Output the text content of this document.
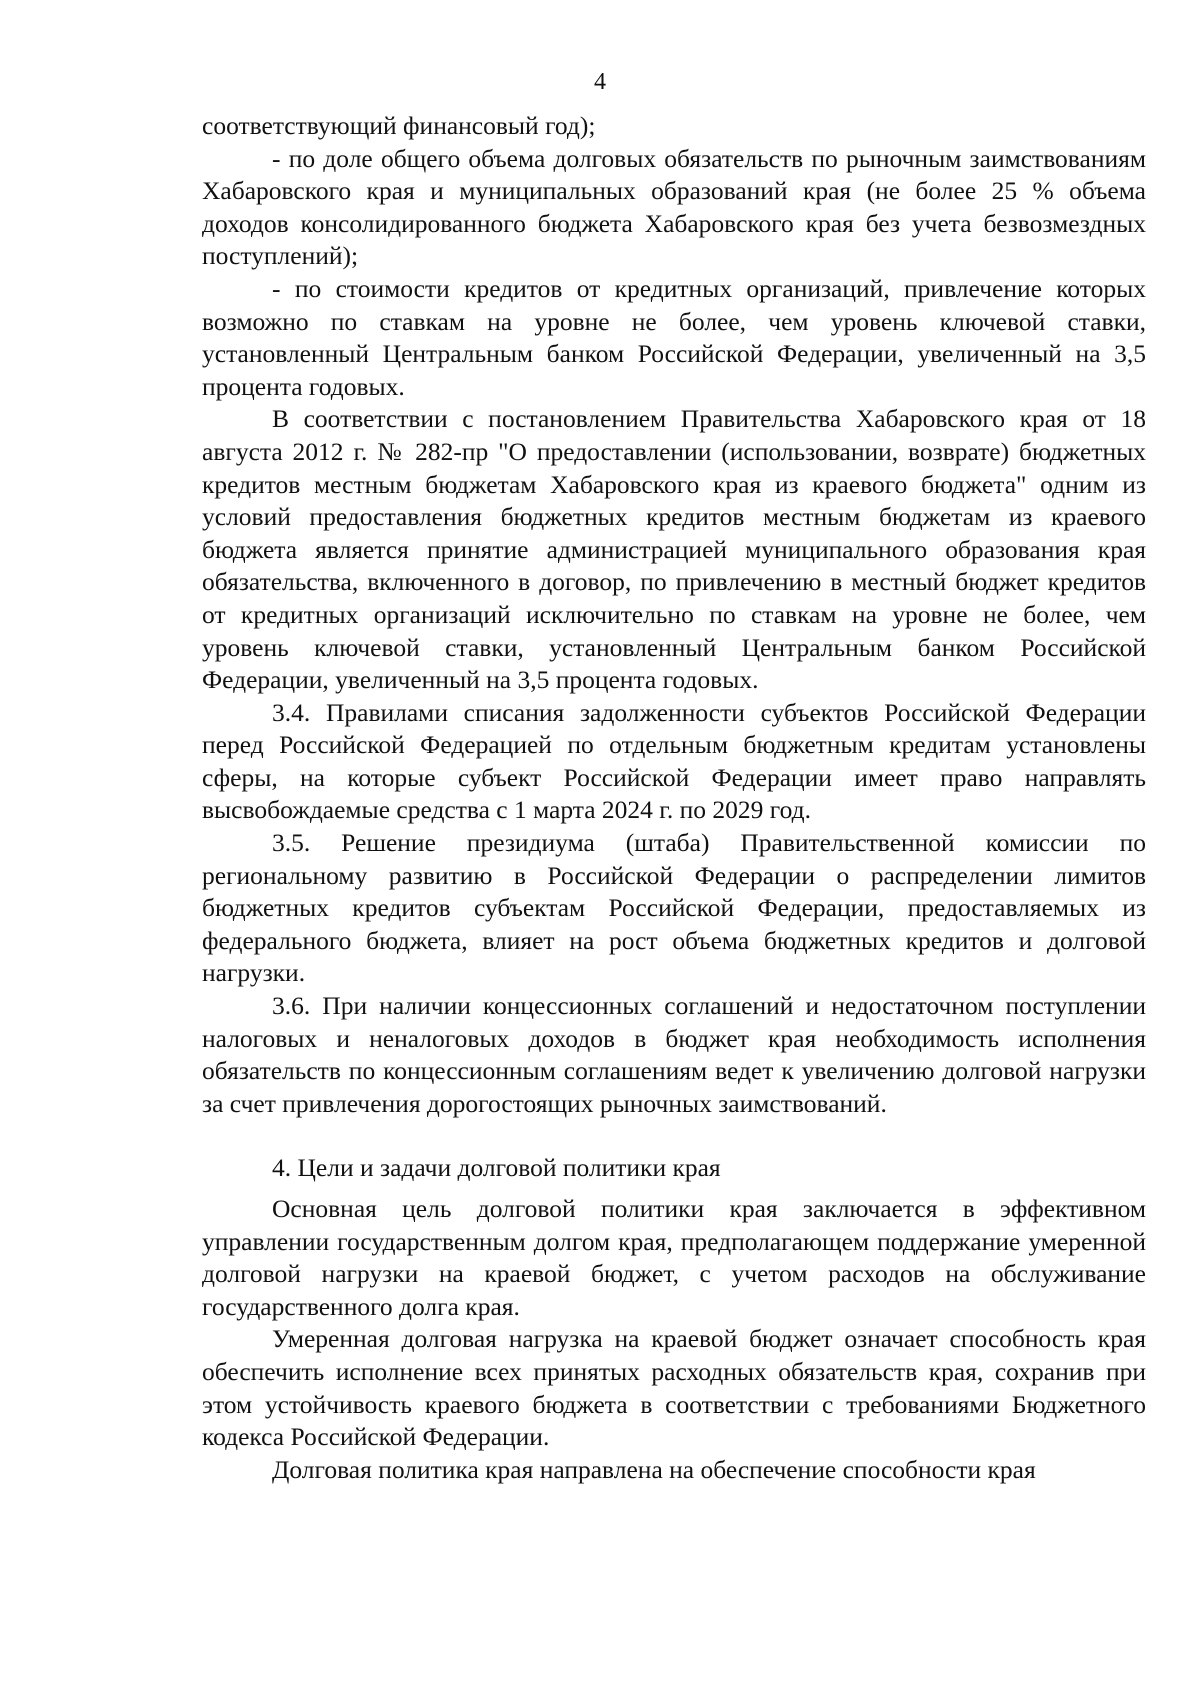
4

соответствующий финансовый год);

- по доле общего объема долговых обязательств по рыночным заимствованиям Хабаровского края и муниципальных образований края (не более 25 % объема доходов консолидированного бюджета Хабаровского края без учета безвозмездных поступлений);

- по стоимости кредитов от кредитных организаций, привлечение которых возможно по ставкам на уровне не более, чем уровень ключевой ставки, установленный Центральным банком Российской Федерации, увеличенный на 3,5 процента годовых.

В соответствии с постановлением Правительства Хабаровского края от 18 августа 2012 г. № 282-пр "О предоставлении (использовании, возврате) бюджетных кредитов местным бюджетам Хабаровского края из краевого бюджета" одним из условий предоставления бюджетных кредитов местным бюджетам из краевого бюджета является принятие администрацией муниципального образования края обязательства, включенного в договор, по привлечению в местный бюджет кредитов от кредитных организаций исключительно по ставкам на уровне не более, чем уровень ключевой ставки, установленный Центральным банком Российской Федерации, увеличенный на 3,5 процента годовых.

3.4. Правилами списания задолженности субъектов Российской Федерации перед Российской Федерацией по отдельным бюджетным кредитам установлены сферы, на которые субъект Российской Федерации имеет право направлять высвобождаемые средства с 1 марта 2024 г. по 2029 год.

3.5. Решение президиума (штаба) Правительственной комиссии по региональному развитию в Российской Федерации о распределении лимитов бюджетных кредитов субъектам Российской Федерации, предоставляемых из федерального бюджета, влияет на рост объема бюджетных кредитов и долговой нагрузки.

3.6. При наличии концессионных соглашений и недостаточном поступлении налоговых и неналоговых доходов в бюджет края необходимость исполнения обязательств по концессионным соглашениям ведет к увеличению долговой нагрузки за счет привлечения дорогостоящих рыночных заимствований.

4. Цели и задачи долговой политики края

Основная цель долговой политики края заключается в эффективном управлении государственным долгом края, предполагающем поддержание умеренной долговой нагрузки на краевой бюджет, с учетом расходов на обслуживание государственного долга края.

Умеренная долговая нагрузка на краевой бюджет означает способность края обеспечить исполнение всех принятых расходных обязательств края, сохранив при этом устойчивость краевого бюджета в соответствии с требованиями Бюджетного кодекса Российской Федерации.

Долговая политика края направлена на обеспечение способности края
